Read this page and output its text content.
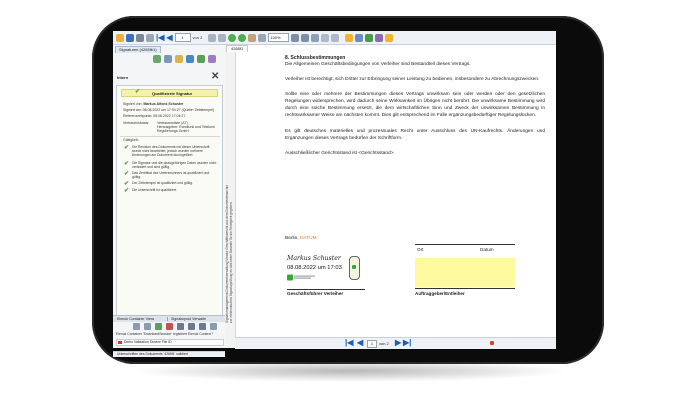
|◀ ◀	1	von 2	100%
Signaturen (4265fb1)
Intern	✕
Qualifizierte Signatur
✔
Signiert von: Markus Alfons Schuster
Signiert am: 08.08.2022 um 17:04:27 (Quelle: Zeitstempel)
Referenzzeitpunkt: 08.08.2022 17:04:27
Vertrauensbasis: Vertrauensliste (AT)
Herausgeber: Rundfunk und Telekom
Regulierungs-GmbH
Gültigkeit:
✔ Die Revision des Dokuments mit dieser Unterschrift wurde nicht bearbeitet, jedoch wurden mehrere Änderungen am Dokument durchgeführt.
✔ Die Signatur und die dazugehörigen Daten wurden nicht verändert und sind gültig.
✔ Das Zertifikat des Unterzeichners ist qualifiziert und gültig.
✔ Der Zeitstempel ist qualifiziert und gültig.
✔ Die Unterschrift ist qualifiziert.
Elenuk Container Viera	Signaturpool Verwalte
Elenuk Container 'SmartcardSession' registriert Elenuk Context *
Demo Validation Service File ID
Unterschriften des Dokuments '4265f1' validiert
Signaturmanagement-Dokumentverwaltung Vendor Geschäftsbericht aus dem Dokumentenarchiv zur elektronischen Signaturprüfung es wird keine Garantie für die Richtigkeit gegeben
4265f1
8. Schlussbestimmungen

Die Allgemeinen Geschäftsbedingungen von Verleiher sind Bestandteil dieses Vertrags.

Verleiher ist berechtigt, sich Dritter zur Erbringung seiner Leistung zu bedienen, insbesondere zu Abrechnungszwecken.

Sollte eine oder mehrere der Bestimmungen dieses Vertrags unwirksam sein oder werden oder den gesetzlichen Regelungen widersprechen, wird dadurch seine Wirksamkeit im Übrigen nicht berührt. Die unwirksame Bestimmung wird durch eine solche Bestimmung ersetzt, die dem wirtschaftlichen Sinn und Zweck der unwirksamen Bestimmung in rechtswirksamer Weise am nächsten kommt. Dies gilt entsprechend im Falle ergänzungsbedürftiger Regelungslücken.

Es gilt deutsches materielles und prozessuales Recht unter Ausschluss des UN-Kaufrechts. Änderungen und Ergänzungen dieses Vertrags bedürfen der Schriftform.

Ausschließlicher Gerichtsstand ist <Gerichtsstand>.

Berlin, DATUM
Markus Schuster
08.08.2022 um 17:03
Geschäftsführer Verleiher
Ort	Datum
Auftraggeber/Entleiher
|◀ ◀	1	von 2 ▶ ▶|
